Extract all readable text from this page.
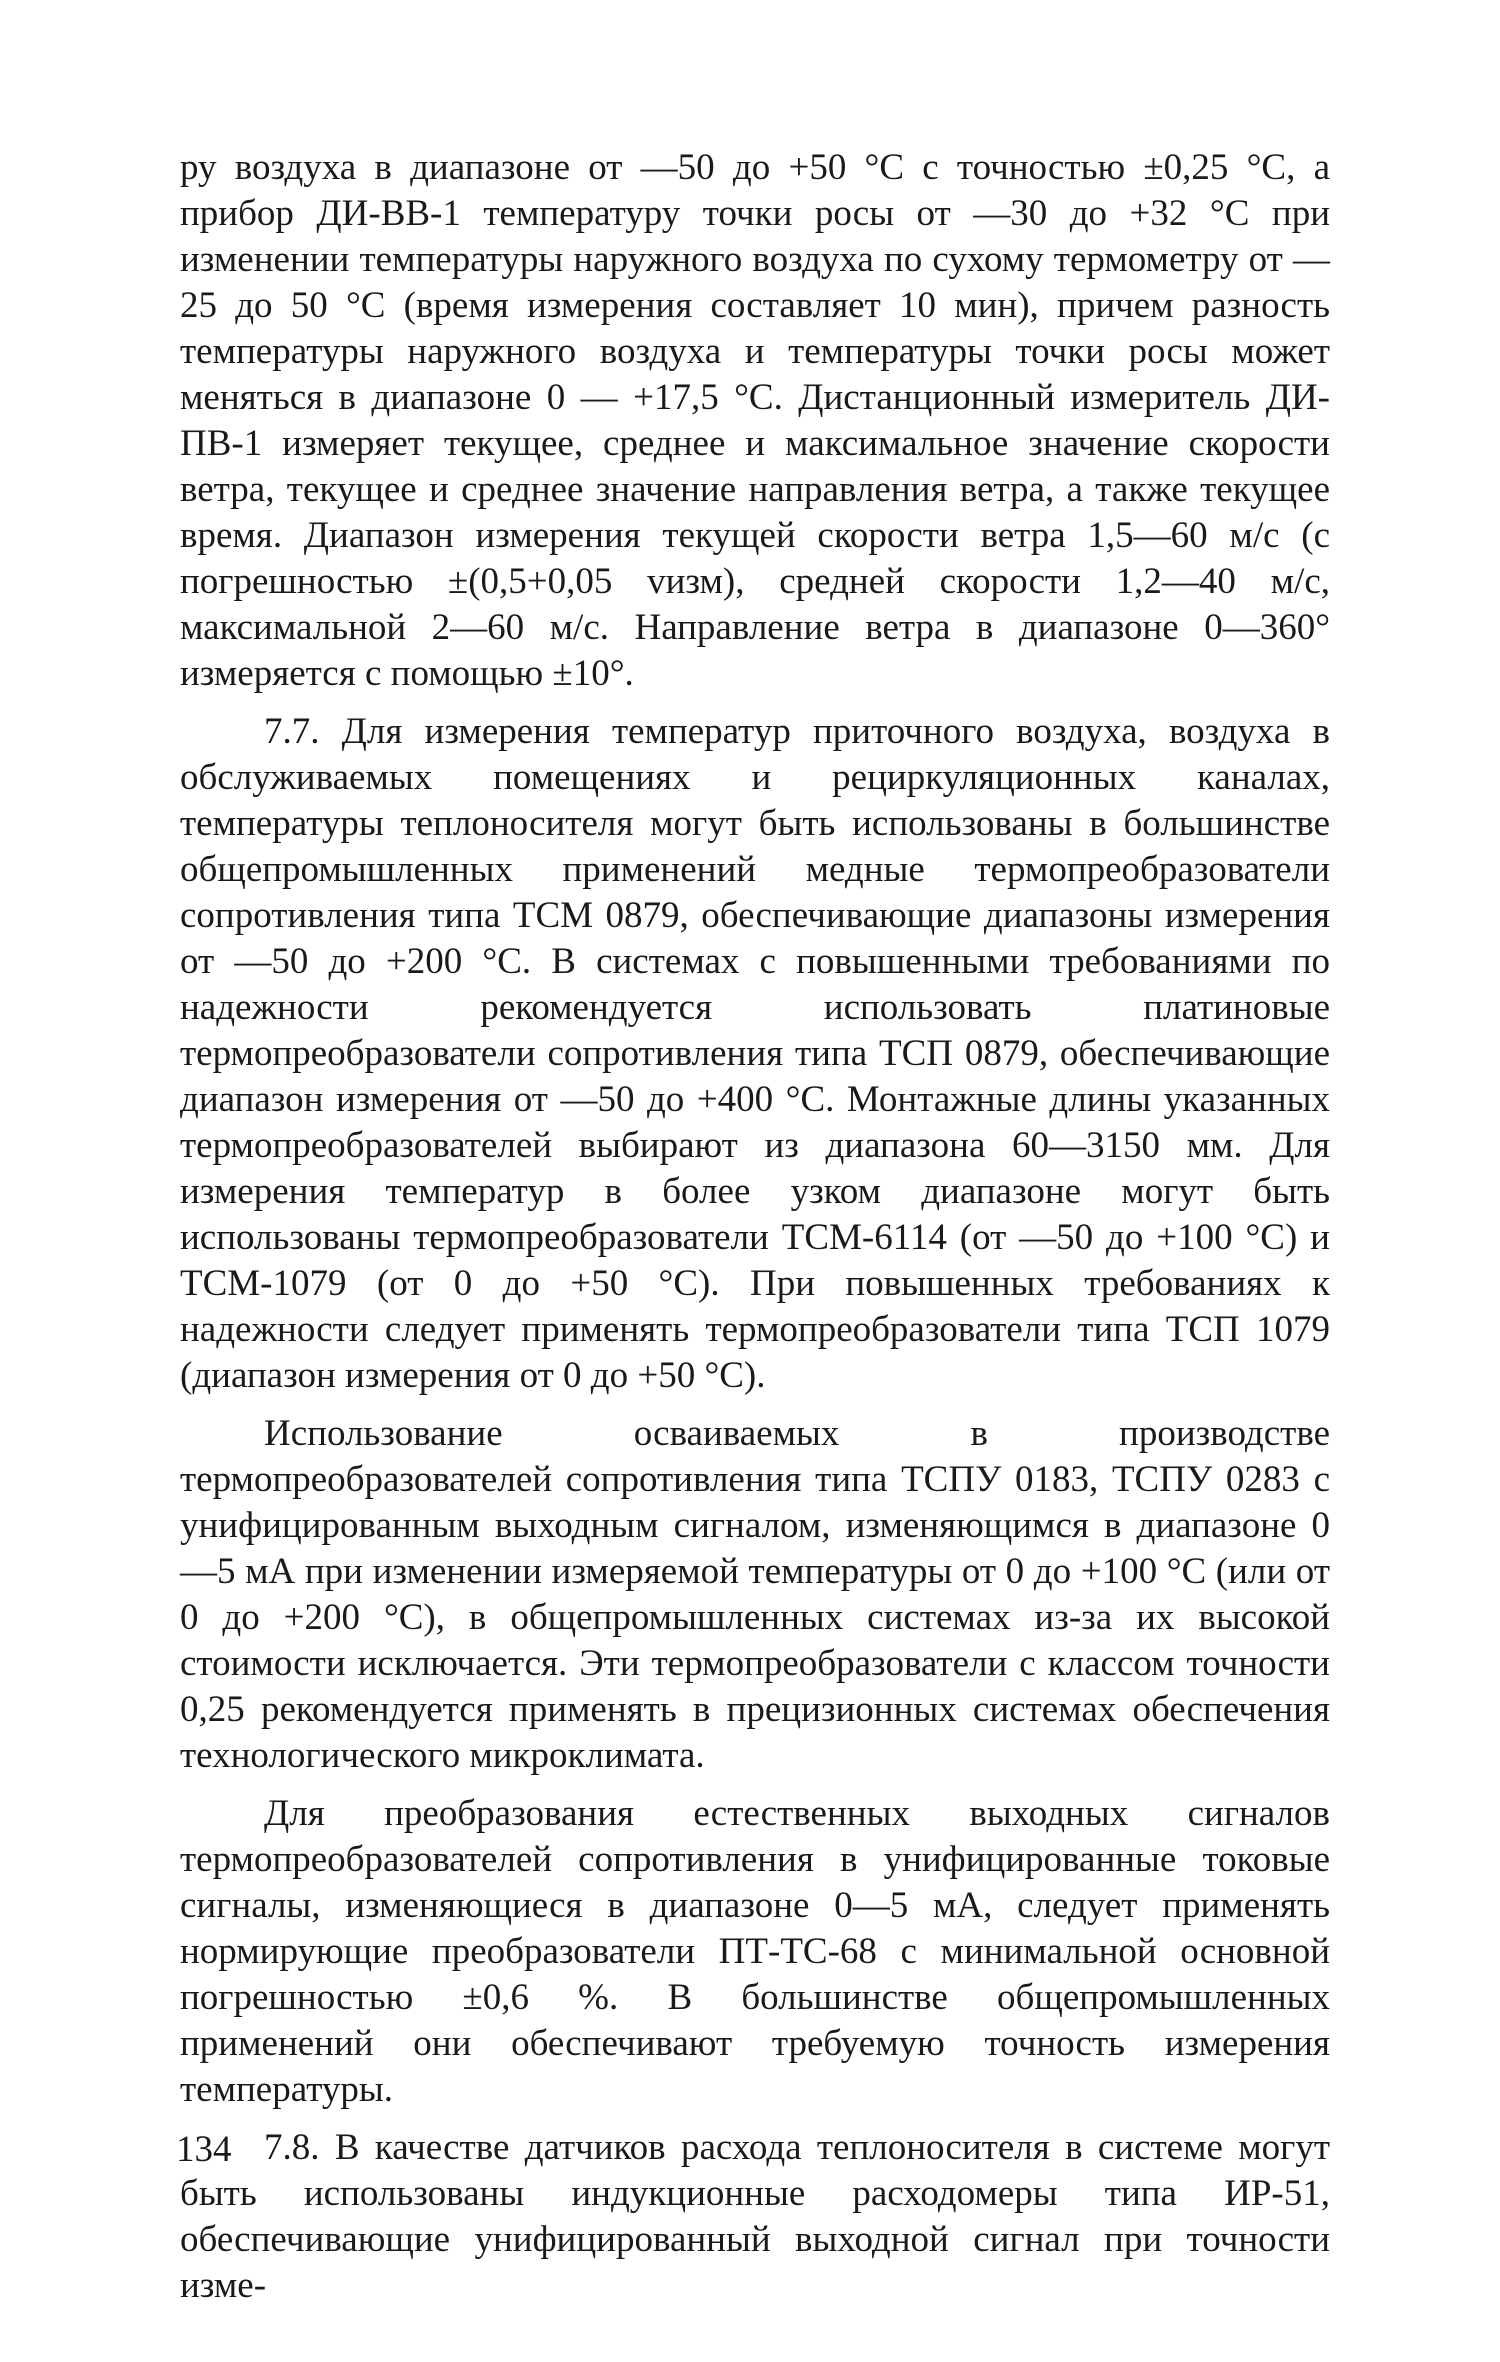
ру воздуха в диапазоне от —50 до +50 °С с точностью ±0,25 °С, а прибор ДИ-ВВ-1 температуру точки росы от —30 до +32 °С при изменении температуры наружного воздуха по сухому термометру от —25 до 50 °С (время измерения составляет 10 мин), причем разность температуры наружного воздуха и температуры точки росы может меняться в диапазоне 0 — +17,5 °С. Дистанционный измеритель ДИ-ПВ-1 измеряет текущее, среднее и максимальное значение скорости ветра, текущее и среднее значение направления ветра, а также текущее время. Диапазон измерения текущей скорости ветра 1,5—60 м/с (с погрешностью ±(0,5+0,05 vизм), средней скорости 1,2—40 м/с, максимальной 2—60 м/с. Направление ветра в диапазоне 0—360° измеряется с помощью ±10°.

7.7. Для измерения температур приточного воздуха, воздуха в обслуживаемых помещениях и рециркуляционных каналах, температуры теплоносителя могут быть использованы в большинстве общепромышленных применений медные термопреобразователи сопротивления типа ТСМ 0879, обеспечивающие диапазоны измерения от —50 до +200 °С. В системах с повышенными требованиями по надежности рекомендуется использовать платиновые термопреобразователи сопротивления типа ТСП 0879, обеспечивающие диапазон измерения от —50 до +400 °С. Монтажные длины указанных термопреобразователей выбирают из диапазона 60—3150 мм. Для измерения температур в более узком диапазоне могут быть использованы термопреобразователи ТСМ-6114 (от —50 до +100 °С) и ТСМ-1079 (от 0 до +50 °С). При повышенных требованиях к надежности следует применять термопреобразователи типа ТСП 1079 (диапазон измерения от 0 до +50 °С).

Использование осваиваемых в производстве термопреобразователей сопротивления типа ТСПУ 0183, ТСПУ 0283 с унифицированным выходным сигналом, изменяющимся в диапазоне 0—5 мА при изменении измеряемой температуры от 0 до +100 °С (или от 0 до +200 °С), в общепромышленных системах из-за их высокой стоимости исключается. Эти термопреобразователи с классом точности 0,25 рекомендуется применять в прецизионных системах обеспечения технологического микроклимата.

Для преобразования естественных выходных сигналов термопреобразователей сопротивления в унифицированные токовые сигналы, изменяющиеся в диапазоне 0—5 мА, следует применять нормирующие преобразователи ПТ-ТС-68 с минимальной основной погрешностью ±0,6 %. В большинстве общепромышленных применений они обеспечивают требуемую точность измерения температуры.

7.8. В качестве датчиков расхода теплоносителя в системе могут быть использованы индукционные расходомеры типа ИР-51, обеспечивающие унифицированный выходной сигнал при точности изме-

134
